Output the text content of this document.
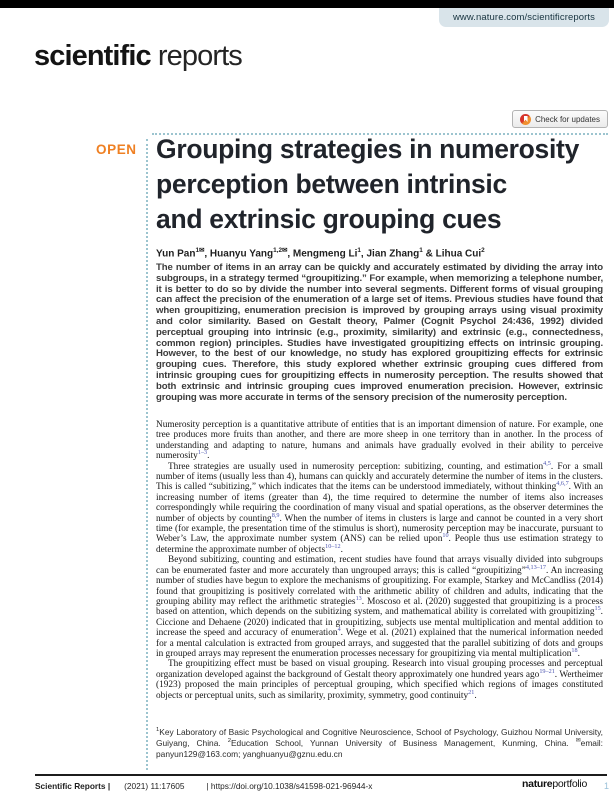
www.nature.com/scientificreports
scientific reports
Check for updates
OPEN Grouping strategies in numerosity
perception between intrinsic
and extrinsic grouping cues
Yun Pan$^{1✉}$, Huanyu Yang$^{1,2✉}$, Mengmeng Li$^1$, Jian Zhang$^1$ & Lihua Cui$^2$
The number of items in an array can be quickly and accurately estimated by dividing the array into subgroups, in a strategy termed “groupitizing.” For example, when memorizing a telephone number, it is better to do so by divide the number into several segments. Different forms of visual grouping can affect the precision of the enumeration of a large set of items. Previous studies have found that when groupitizing, enumeration precision is improved by grouping arrays using visual proximity and color similarity. Based on Gestalt theory, Palmer (Cognit Psychol 24:436, 1992) divided perceptual grouping into intrinsic (e.g., proximity, similarity) and extrinsic (e.g., connectedness, common region) principles. Studies have investigated groupitizing effects on intrinsic grouping. However, to the best of our knowledge, no study has explored groupitizing effects for extrinsic grouping cues. Therefore, this study explored whether extrinsic grouping cues differed from intrinsic grouping cues for groupitizing effects in numerosity perception. The results showed that both extrinsic and intrinsic grouping cues improved enumeration precision. However, extrinsic grouping was more accurate in terms of the sensory precision of the numerosity perception.

Numerosity perception is a quantitative attribute of entities that is an important dimension of nature. For example, one tree produces more fruits than another, and there are more sheep in one territory than in another. In the process of understanding and adapting to nature, humans and animals have gradually evolved in their ability to perceive numerosity$^{1-3}$.

Three strategies are usually used in numerosity perception: subitizing, counting, and estimation$^{4,5}$. For a small number of items (usually less than 4), humans can quickly and accurately determine the number of items in the clusters. This is called “subitizing,” which indicates that the items can be understood immediately, without thinking$^{4,6,7}$. With an increasing number of items (greater than 4), the time required to determine the number of items also increases correspondingly while requiring the coordination of many visual and spatial operations, as the observer determines the number of objects by counting$^{8,9}$. When the number of items in clusters is large and cannot be counted in a very short time (for example, the presentation time of the stimulus is short), numerosity perception may be inaccurate, pursuant to Weber’s Law, the approximate number system (ANS) can be relied upon$^{10}$. People thus use estimation strategy to determine the approximate number of objects$^{10-12}$.

Beyond subitizing, counting and estimation, recent studies have found that arrays visually divided into subgroups can be enumerated faster and more accurately than ungrouped arrays; this is called “groupitizing”$^{4,13-17}$. An increasing number of studies have begun to explore the mechanisms of groupitizing. For example, Starkey and McCandliss (2014) found that groupitizing is positively correlated with the arithmetic ability of children and adults, indicating that the grouping ability may reflect the arithmetic strategies$^{13}$. Moscoso et al. (2020) suggested that groupitizing is a process based on attention, which depends on the subitizing system, and mathematical ability is correlated with groupitizing$^{15}$. Ciccione and Dehaene (2020) indicated that in groupitizing, subjects use mental multiplication and mental addition to increase the speed and accuracy of enumeration$^4$. Wege et al. (2021) explained that the numerical information needed for a mental calculation is extracted from grouped arrays, and suggested that the parallel subitizing of dots and groups in grouped arrays may represent the enumeration processes necessary for groupitizing via mental multiplication$^{18}$.

The groupitizing effect must be based on visual grouping. Research into visual grouping processes and perceptual organization developed against the background of Gestalt theory approximately one hundred years ago$^{19-21}$. Wertheimer (1923) proposed the main principles of perceptual grouping, which specified which regions of images constituted objects or perceptual units, such as similarity, proximity, symmetry, good continuity$^{21}$.

$^1$Key Laboratory of Basic Psychological and Cognitive Neuroscience, School of Psychology, Guizhou Normal University, Guiyang, China. $^2$Education School, Yunnan University of Business Management, Kunming, China. ✉email: panyun129@163.com; yanghuanyu@gznu.edu.cn
Scientific Reports | (2021) 11:17605	| https://doi.org/10.1038/s41598-021-96944-x	natureportfolio 1
